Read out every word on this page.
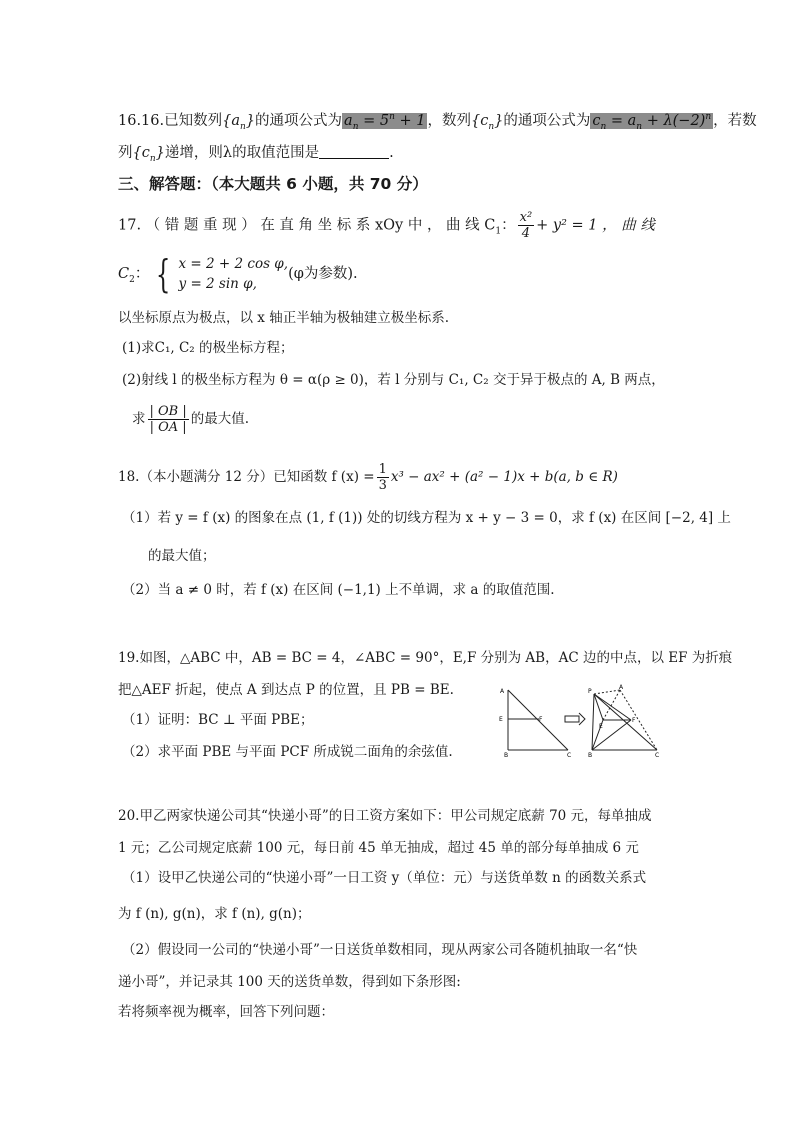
16.16.已知数列$\{a_n\}$的通项公式为 $a_n = 5^n + 1$ ，数列$\{c_n\}$的通项公式为 $c_n = a_n + \lambda(-2)^n$ ，若数
列$\{c_n\}$递增，则λ的取值范围是	.
三、解答题：（本大题共 6 小题，共 70 分）
17. （ 错 题 重 现 ） 在 直 角 坐 标 系 xOy 中 ， 曲 线 $C_1$： $\frac{\text{x²}}{4} + y^2 = 1$ ， 曲 线
$C_2$： { x = 2 + 2 cos φ,
y = 2 sin φ,
(φ为参数).
以坐标原点为极点，以 x 轴正半轴为极轴建立极坐标系.
(1)求C₁, C₂ 的极坐标方程；
(2)射线 l 的极坐标方程为 θ = α(ρ ≥ 0)，若 l 分别与 C₁, C₂ 交于异于极点的 A, B 两点，
求 $\frac{| OB |}{| OA |}$ 的最大值.
18.（本小题满分 12 分）已知函数 f $(x) = \frac{1}{3} x^3 - ax^2 + (a^2 - 1)x + b(a$, b ∈ R)
（1）若 y = f (x) 的图象在点 (1, f (1)) 处的切线方程为 x + y − 3 = 0，求 f (x) 在区间 [−2, 4] 上
的最大值；
（2）当 a ≠ 0 时，若 f (x) 在区间 (−1,1) 上不单调，求 a 的取值范围.
19.如图，△ABC 中，AB = BC = 4，∠ABC = 90°，E,F 分别为 AB，AC 边的中点，以 EF 为折痕
把△AEF 折起，使点 A 到达点 P 的位置，且 PB = BE.
（1）证明：BC ⊥ 平面 PBE；
（2）求平面 PBE 与平面 PCF 所成锐二面角的余弦值.
A
E	F
B	C
P
A
E
F
B	C
20.甲乙两家快递公司其“快递小哥”的日工资方案如下：甲公司规定底薪 70 元，每单抽成
1 元；乙公司规定底薪 100 元，每日前 45 单无抽成，超过 45 单的部分每单抽成 6 元
（1）设甲乙快递公司的“快递小哥”一日工资 y（单位：元）与送货单数 n 的函数关系式
为 f (n), g(n)，求 f (n), g(n)；
（2）假设同一公司的“快递小哥”一日送货单数相同，现从两家公司各随机抽取一名“快
递小哥”，并记录其 100 天的送货单数，得到如下条形图:
若将频率视为概率，回答下列问题：
